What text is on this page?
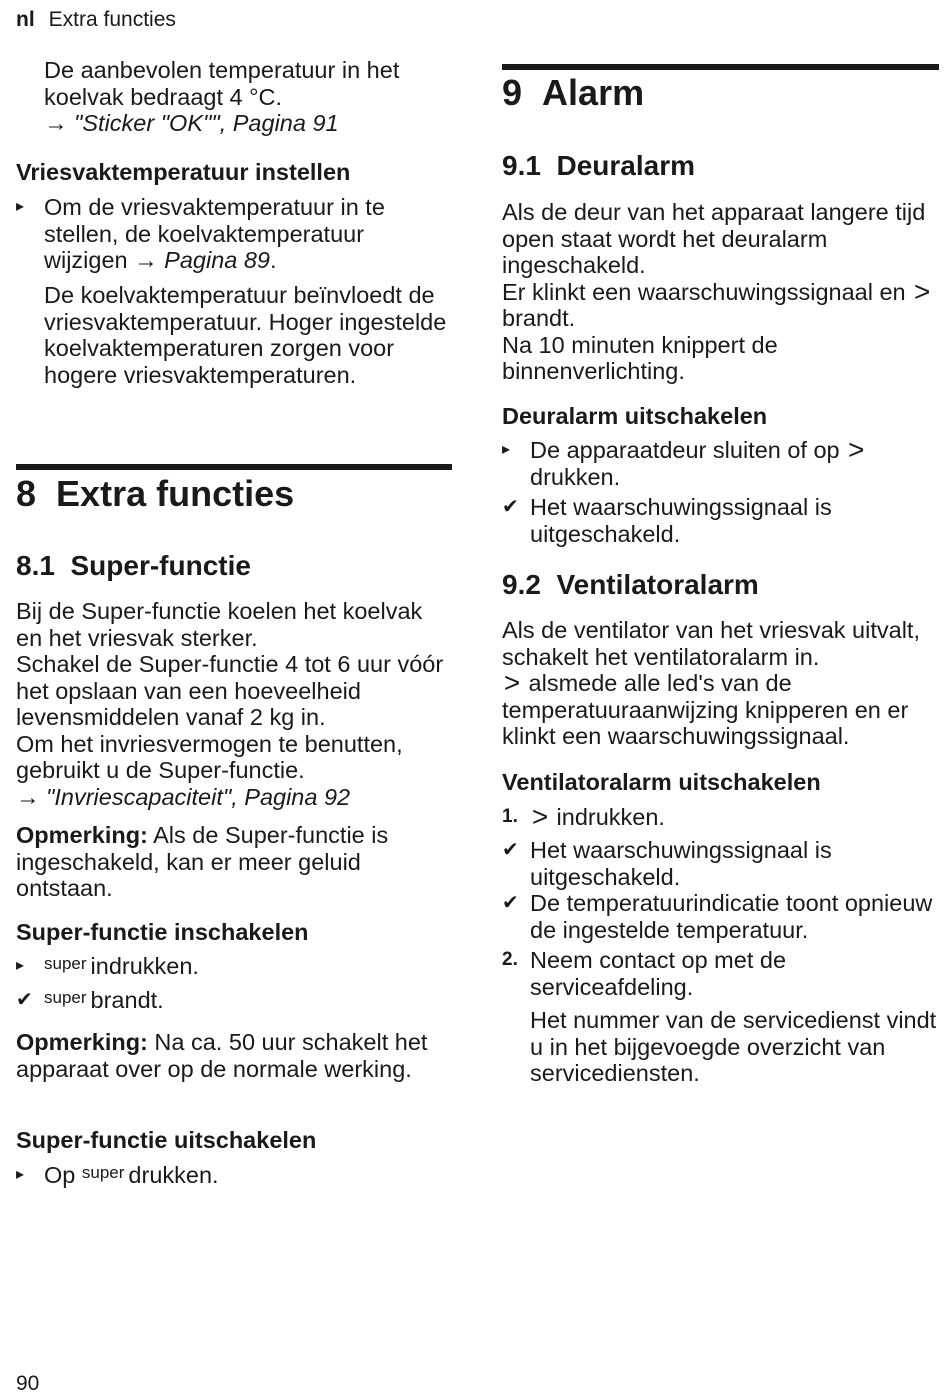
nl Extra functies

De aanbevolen temperatuur in het koelvak bedraagt 4 °C.

→ "Sticker "OK"", Pagina 91

Vriesvaktemperatuur instellen

▸ Om de vriesvaktemperatuur in te stellen, de koelvaktemperatuur wijzigen → Pagina 89.

De koelvaktemperatuur beïnvloedt de vriesvaktemperatuur. Hoger ingestelde koelvaktemperaturen zorgen voor hogere vriesvaktemperaturen.

8 Extra functies

8.1 Super-functie

Bij de Super-functie koelen het koelvak en het vriesvak sterker.

Schakel de Super-functie 4 tot 6 uur vóór het opslaan van een hoeveelheid levensmiddelen vanaf 2 kg in.

Om het invriesvermogen te benutten, gebruikt u de Super-functie.

→ "Invriescapaciteit", Pagina 92

Opmerking: Als de Super-functie is ingeschakeld, kan er meer geluid ontstaan.

Super-functie inschakelen

▸	$^{super}$ indrukken.
✔ $^{super}$ brandt.

Opmerking: Na ca. 50 uur schakelt het apparaat over op de normale werking.

Super-functie uitschakelen

▸ Op $^{super}$ drukken.

9 Alarm

9.1 Deuralarm

Als de deur van het apparaat langere tijd open staat wordt het deuralarm ingeschakeld.

Er klinkt een waarschuwingssignaal en > brandt.

Na 10 minuten knippert de binnenverlichting.

Deuralarm uitschakelen

▸ De apparaatdeur sluiten of op > drukken.
✔ Het waarschuwingssignaal is uitgeschakeld.

9.2 Ventilatoralarm

Als de ventilator van het vriesvak uitvalt, schakelt het ventilatoralarm in.

> alsmede alle led's van de temperatuuraanwijzing knipperen en er klinkt een waarschuwingssignaal.

Ventilatoralarm uitschakelen

1. > indrukken.
✔ Het waarschuwingssignaal is uitgeschakeld.
✔ De temperatuurindicatie toont opnieuw de ingestelde temperatuur.
2. Neem contact op met de serviceafdeling.

Het nummer van de servicedienst vindt u in het bijgevoegde overzicht van servicediensten.

90
